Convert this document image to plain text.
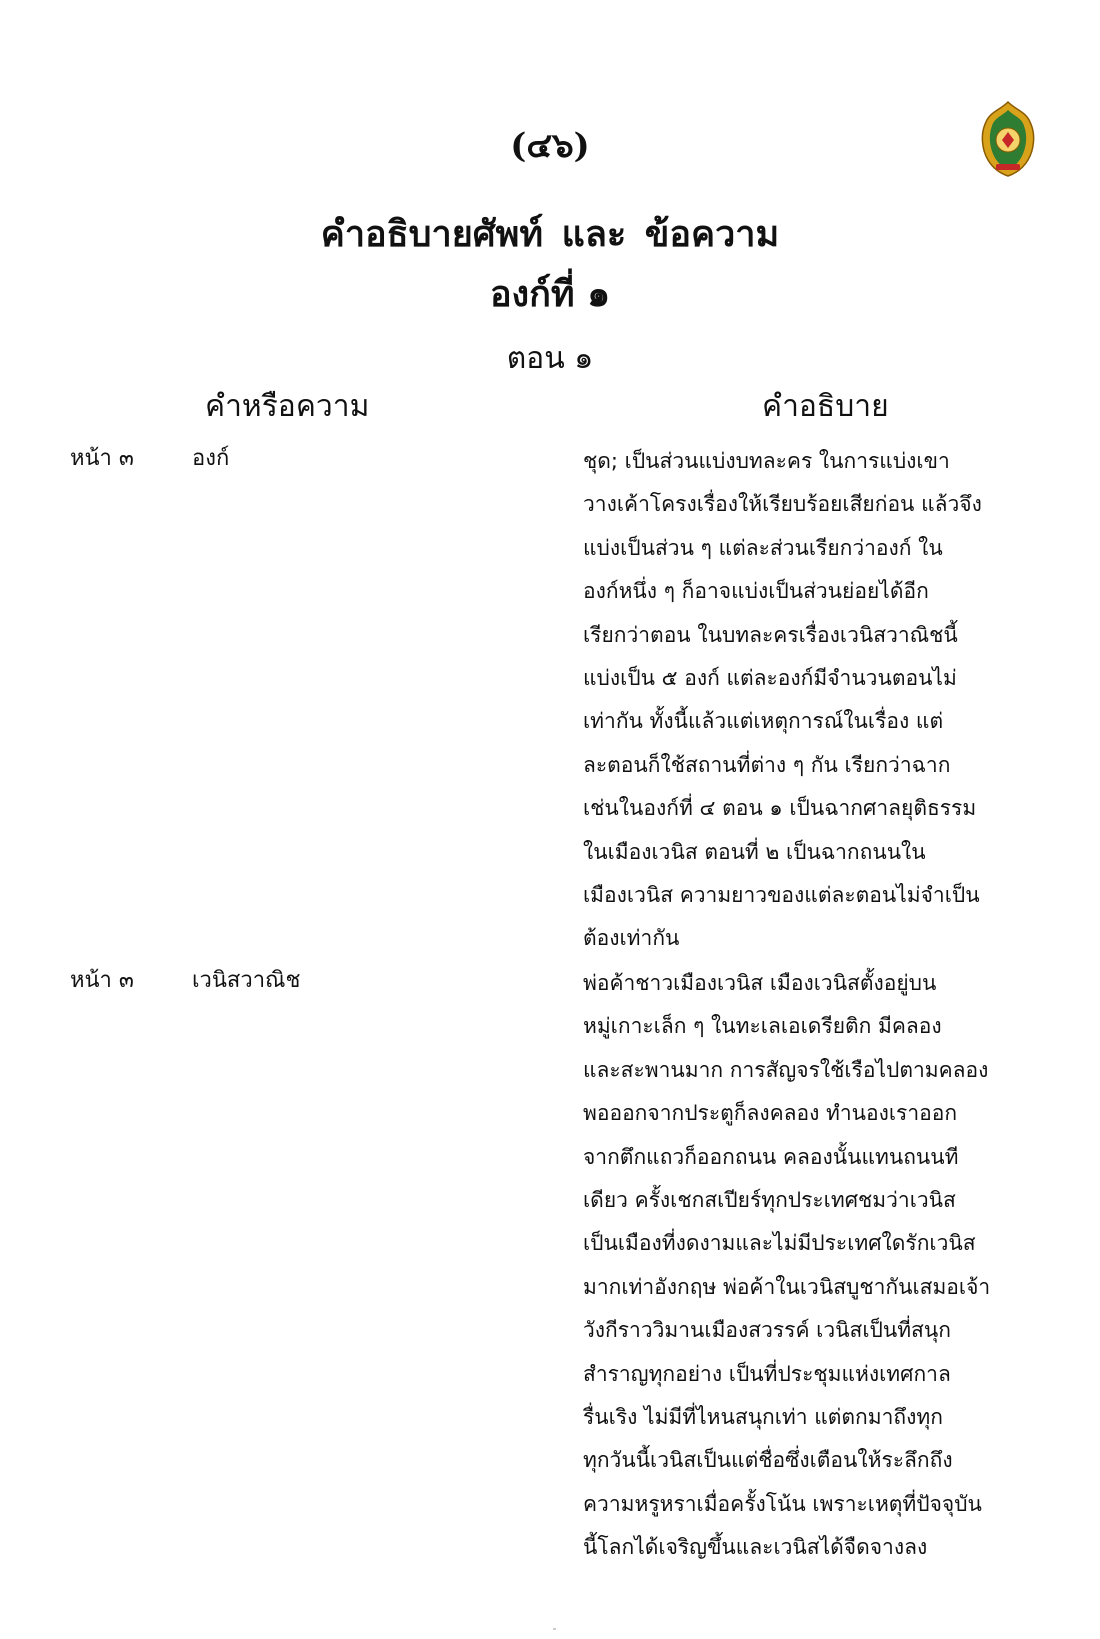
(๔๖)
คำอธิบายศัพท์ และ ข้อความ
องก์ที่ ๑
ตอน ๑
คำหรือความ	คำอธิบาย
หน้า ๓	องก์	ชุด; เป็นส่วนแบ่งบทละคร ในการแบ่งเขา
วางเค้าโครงเรื่องให้เรียบร้อยเสียก่อน แล้วจึง
แบ่งเป็นส่วน ๆ แต่ละส่วนเรียกว่าองก์ ใน
องก์หนึ่ง ๆ ก็อาจแบ่งเป็นส่วนย่อยได้อีก
เรียกว่าตอน ในบทละครเรื่องเวนิสวาณิชนี้
แบ่งเป็น ๕ องก์ แต่ละองก์มีจำนวนตอนไม่
เท่ากัน ทั้งนี้แล้วแต่เหตุการณ์ในเรื่อง แต่
ละตอนก็ใช้สถานที่ต่าง ๆ กัน เรียกว่าฉาก
เช่นในองก์ที่ ๔ ตอน ๑ เป็นฉากศาลยุติธรรม
ในเมืองเวนิส ตอนที่ ๒ เป็นฉากถนนใน
เมืองเวนิส ความยาวของแต่ละตอนไม่จำเป็น
ต้องเท่ากัน
หน้า ๓	เวนิสวาณิช	พ่อค้าชาวเมืองเวนิส เมืองเวนิสตั้งอยู่บน
หมู่เกาะเล็ก ๆ ในทะเลเอเดรียติก มีคลอง
และสะพานมาก การสัญจรใช้เรือไปตามคลอง
พอออกจากประตูก็ลงคลอง ทำนองเราออก
จากตึกแถวก็ออกถนน คลองนั้นแทนถนนที
เดียว ครั้งเชกสเปียร์ทุกประเทศชมว่าเวนิส
เป็นเมืองที่งดงามและไม่มีประเทศใดรักเวนิส
มากเท่าอังกฤษ พ่อค้าในเวนิสบูชากันเสมอเจ้า
วังกีราววิมานเมืองสวรรค์ เวนิสเป็นที่สนุก
สำราญทุกอย่าง เป็นที่ประชุมแห่งเทศกาล
รื่นเริง ไม่มีที่ไหนสนุกเท่า แต่ตกมาถึงทุก
ทุกวันนี้เวนิสเป็นแต่ชื่อซึ่งเตือนให้ระลึกถึง
ความหรูหราเมื่อครั้งโน้น เพราะเหตุที่ปัจจุบัน
นี้โลกได้เจริญขึ้นและเวนิสได้จืดจางลง
